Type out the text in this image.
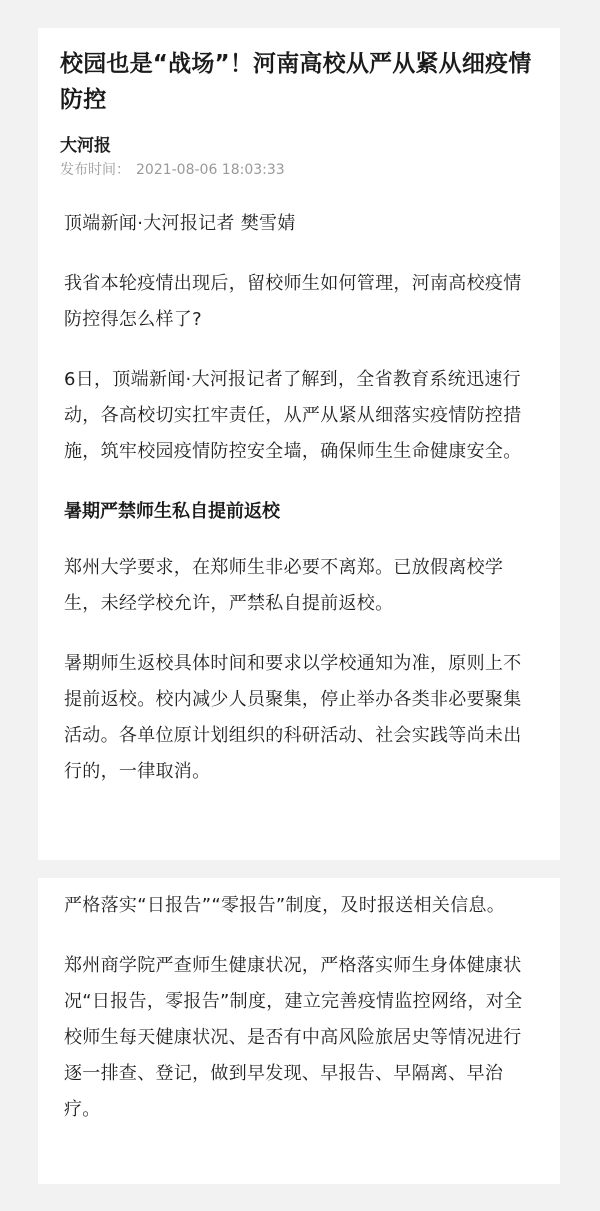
校园也是“战场”！河南高校从严从紧从细疫情防控
大河报
发布时间： 2021-08-06 18:03:33

顶端新闻·大河报记者 樊雪婧

我省本轮疫情出现后，留校师生如何管理，河南高校疫情防控得怎么样了?

6日，顶端新闻·大河报记者了解到，全省教育系统迅速行动，各高校切实扛牢责任，从严从紧从细落实疫情防控措施，筑牢校园疫情防控安全墙，确保师生生命健康安全。

暑期严禁师生私自提前返校

郑州大学要求，在郑师生非必要不离郑。已放假离校学生，未经学校允许，严禁私自提前返校。

暑期师生返校具体时间和要求以学校通知为准，原则上不提前返校。校内减少人员聚集，停止举办各类非必要聚集活动。各单位原计划组织的科研活动、社会实践等尚未出行的，一律取消。

严格落实“日报告”“零报告”制度，及时报送相关信息。

郑州商学院严查师生健康状况，严格落实师生身体健康状况“日报告，零报告”制度，建立完善疫情监控网络，对全校师生每天健康状况、是否有中高风险旅居史等情况进行逐一排查、登记，做到早发现、早报告、早隔离、早治疗。
